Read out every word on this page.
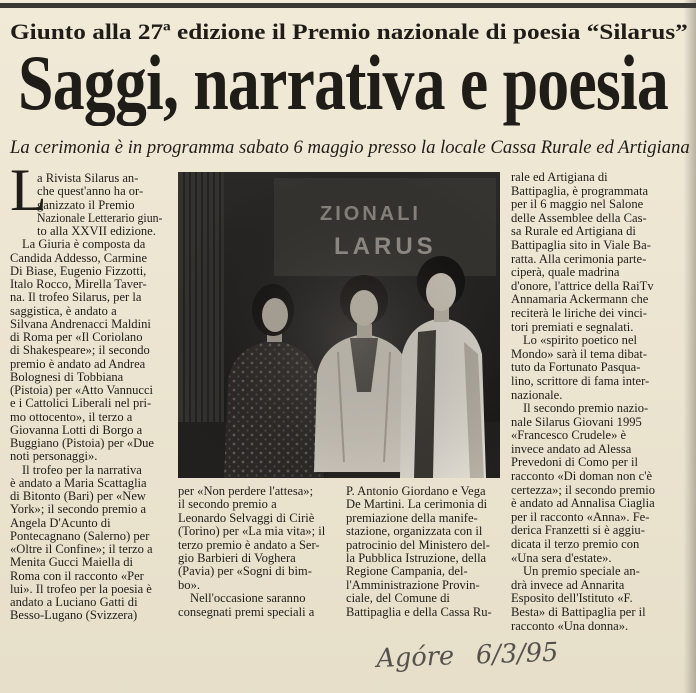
Giunto alla 27ª edizione il Premio nazionale di poesia “Silarus”
Saggi, narrativa e poesia
La cerimonia è in programma sabato 6 maggio presso la locale Cassa Rurale ed Artigiana
L
a Rivista Silarus an-
che quest'anno ha or-
ganizzato il Premio
Nazionale Letterario giun-
to alla XXVII edizione.
La Giuria è composta da
Candida Addesso, Carmine
Di Biase, Eugenio Fizzotti,
Italo Rocco, Mirella Taver-
na. Il trofeo Silarus, per la
saggistica, è andato a
Silvana Andrenacci Maldini
di Roma per «Il Coriolano
di Shakespeare»; il secondo
premio è andato ad Andrea
Bolognesi di Tobbiana
(Pistoia) per «Atto Vannucci
e i Cattolici Liberali nel pri-
mo ottocento», il terzo a
Giovanna Lotti di Borgo a
Buggiano (Pistoia) per «Due
noti personaggi».
Il trofeo per la narrativa
è andato a Maria Scattaglia
di Bitonto (Bari) per «New
York»; il secondo premio a
Angela D'Acunto di
Pontecagnano (Salerno) per
«Oltre il Confine»; il terzo a
Menita Gucci Maiella di
Roma con il racconto «Per
lui». Il trofeo per la poesia è
andato a Luciano Gatti di
Besso-Lugano (Svizzera)
per «Non perdere l'attesa»;
il secondo premio a
Leonardo Selvaggi di Ciriè
(Torino) per «La mia vita»; il
terzo premio è andato a Ser-
gio Barbieri di Voghera
(Pavia) per «Sogni di bim-
bo».
Nell'occasione saranno
consegnati premi speciali a
P. Antonio Giordano e Vega
De Martini. La cerimonia di
premiazione della manife-
stazione, organizzata con il
patrocinio del Ministero del-
la Pubblica Istruzione, della
Regione Campania, del-
l'Amministrazione Provin-
ciale, del Comune di
Battipaglia e della Cassa Ru-
rale ed Artigiana di
Battipaglia, è programmata
per il 6 maggio nel Salone
delle Assemblee della Cas-
sa Rurale ed Artigiana di
Battipaglia sito in Viale Ba-
ratta. Alla cerimonia parte-
ciperà, quale madrina
d'onore, l'attrice della RaiTv
Annamaria Ackermann che
reciterà le liriche dei vinci-
tori premiati e segnalati.
Lo «spirito poetico nel
Mondo» sarà il tema dibat-
tuto da Fortunato Pasqua-
lino, scrittore di fama inter-
nazionale.
Il secondo premio nazio-
nale Silarus Giovani 1995
«Francesco Crudele» è
invece andato ad Alessa
Prevedoni di Como per il
racconto «Di doman non c'è
certezza»; il secondo premio
è andato ad Annalisa Ciaglia
per il racconto «Anna». Fe-
derica Franzetti si è aggiu-
dicata il terzo premio con
«Una sera d'estate».
Un premio speciale an-
drà invece ad Annarita
Esposito dell'Istituto «F.
Besta» di Battipaglia per il
racconto «Una donna».
Agóre 6/3/95
